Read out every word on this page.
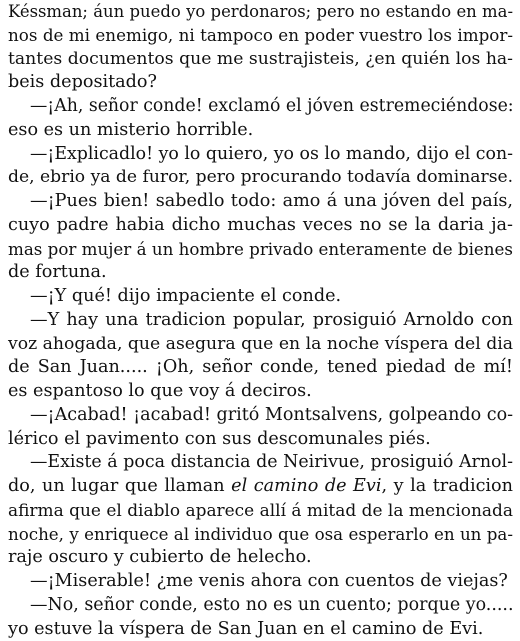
Késsman; áun puedo yo perdonaros; pero no estando en ma-
nos de mi enemigo, ni tampoco en poder vuestro los impor-
tantes documentos que me sustrajisteis, ¿en quién los ha-
beis depositado?
—¡Ah, señor conde! exclamó el jóven estremeciéndose:
eso es un misterio horrible.
—¡Explicadlo! yo lo quiero, yo os lo mando, dijo el con-
de, ebrio ya de furor, pero procurando todavía dominarse.
—¡Pues bien! sabedlo todo: amo á una jóven del país,
cuyo padre habia dicho muchas veces no se la daria ja-
mas por mujer á un hombre privado enteramente de bienes
de fortuna.
—¡Y qué! dijo impaciente el conde.
—Y hay una tradicion popular, prosiguió Arnoldo con
voz ahogada, que asegura que en la noche víspera del dia
de San Juan..... ¡Oh, señor conde, tened piedad de mí!
es espantoso lo que voy á deciros.
—¡Acabad! ¡acabad! gritó Montsalvens, golpeando co-
lérico el pavimento con sus descomunales piés.
—Existe á poca distancia de Neirivue, prosiguió Arnol-
do, un lugar que llaman el camino de Evi, y la tradicion
afirma que el diablo aparece allí á mitad de la mencionada
noche, y enriquece al individuo que osa esperarlo en un pa-
raje oscuro y cubierto de helecho.
—¡Miserable! ¿me venis ahora con cuentos de viejas?
—No, señor conde, esto no es un cuento; porque yo.....
yo estuve la víspera de San Juan en el camino de Evi.
